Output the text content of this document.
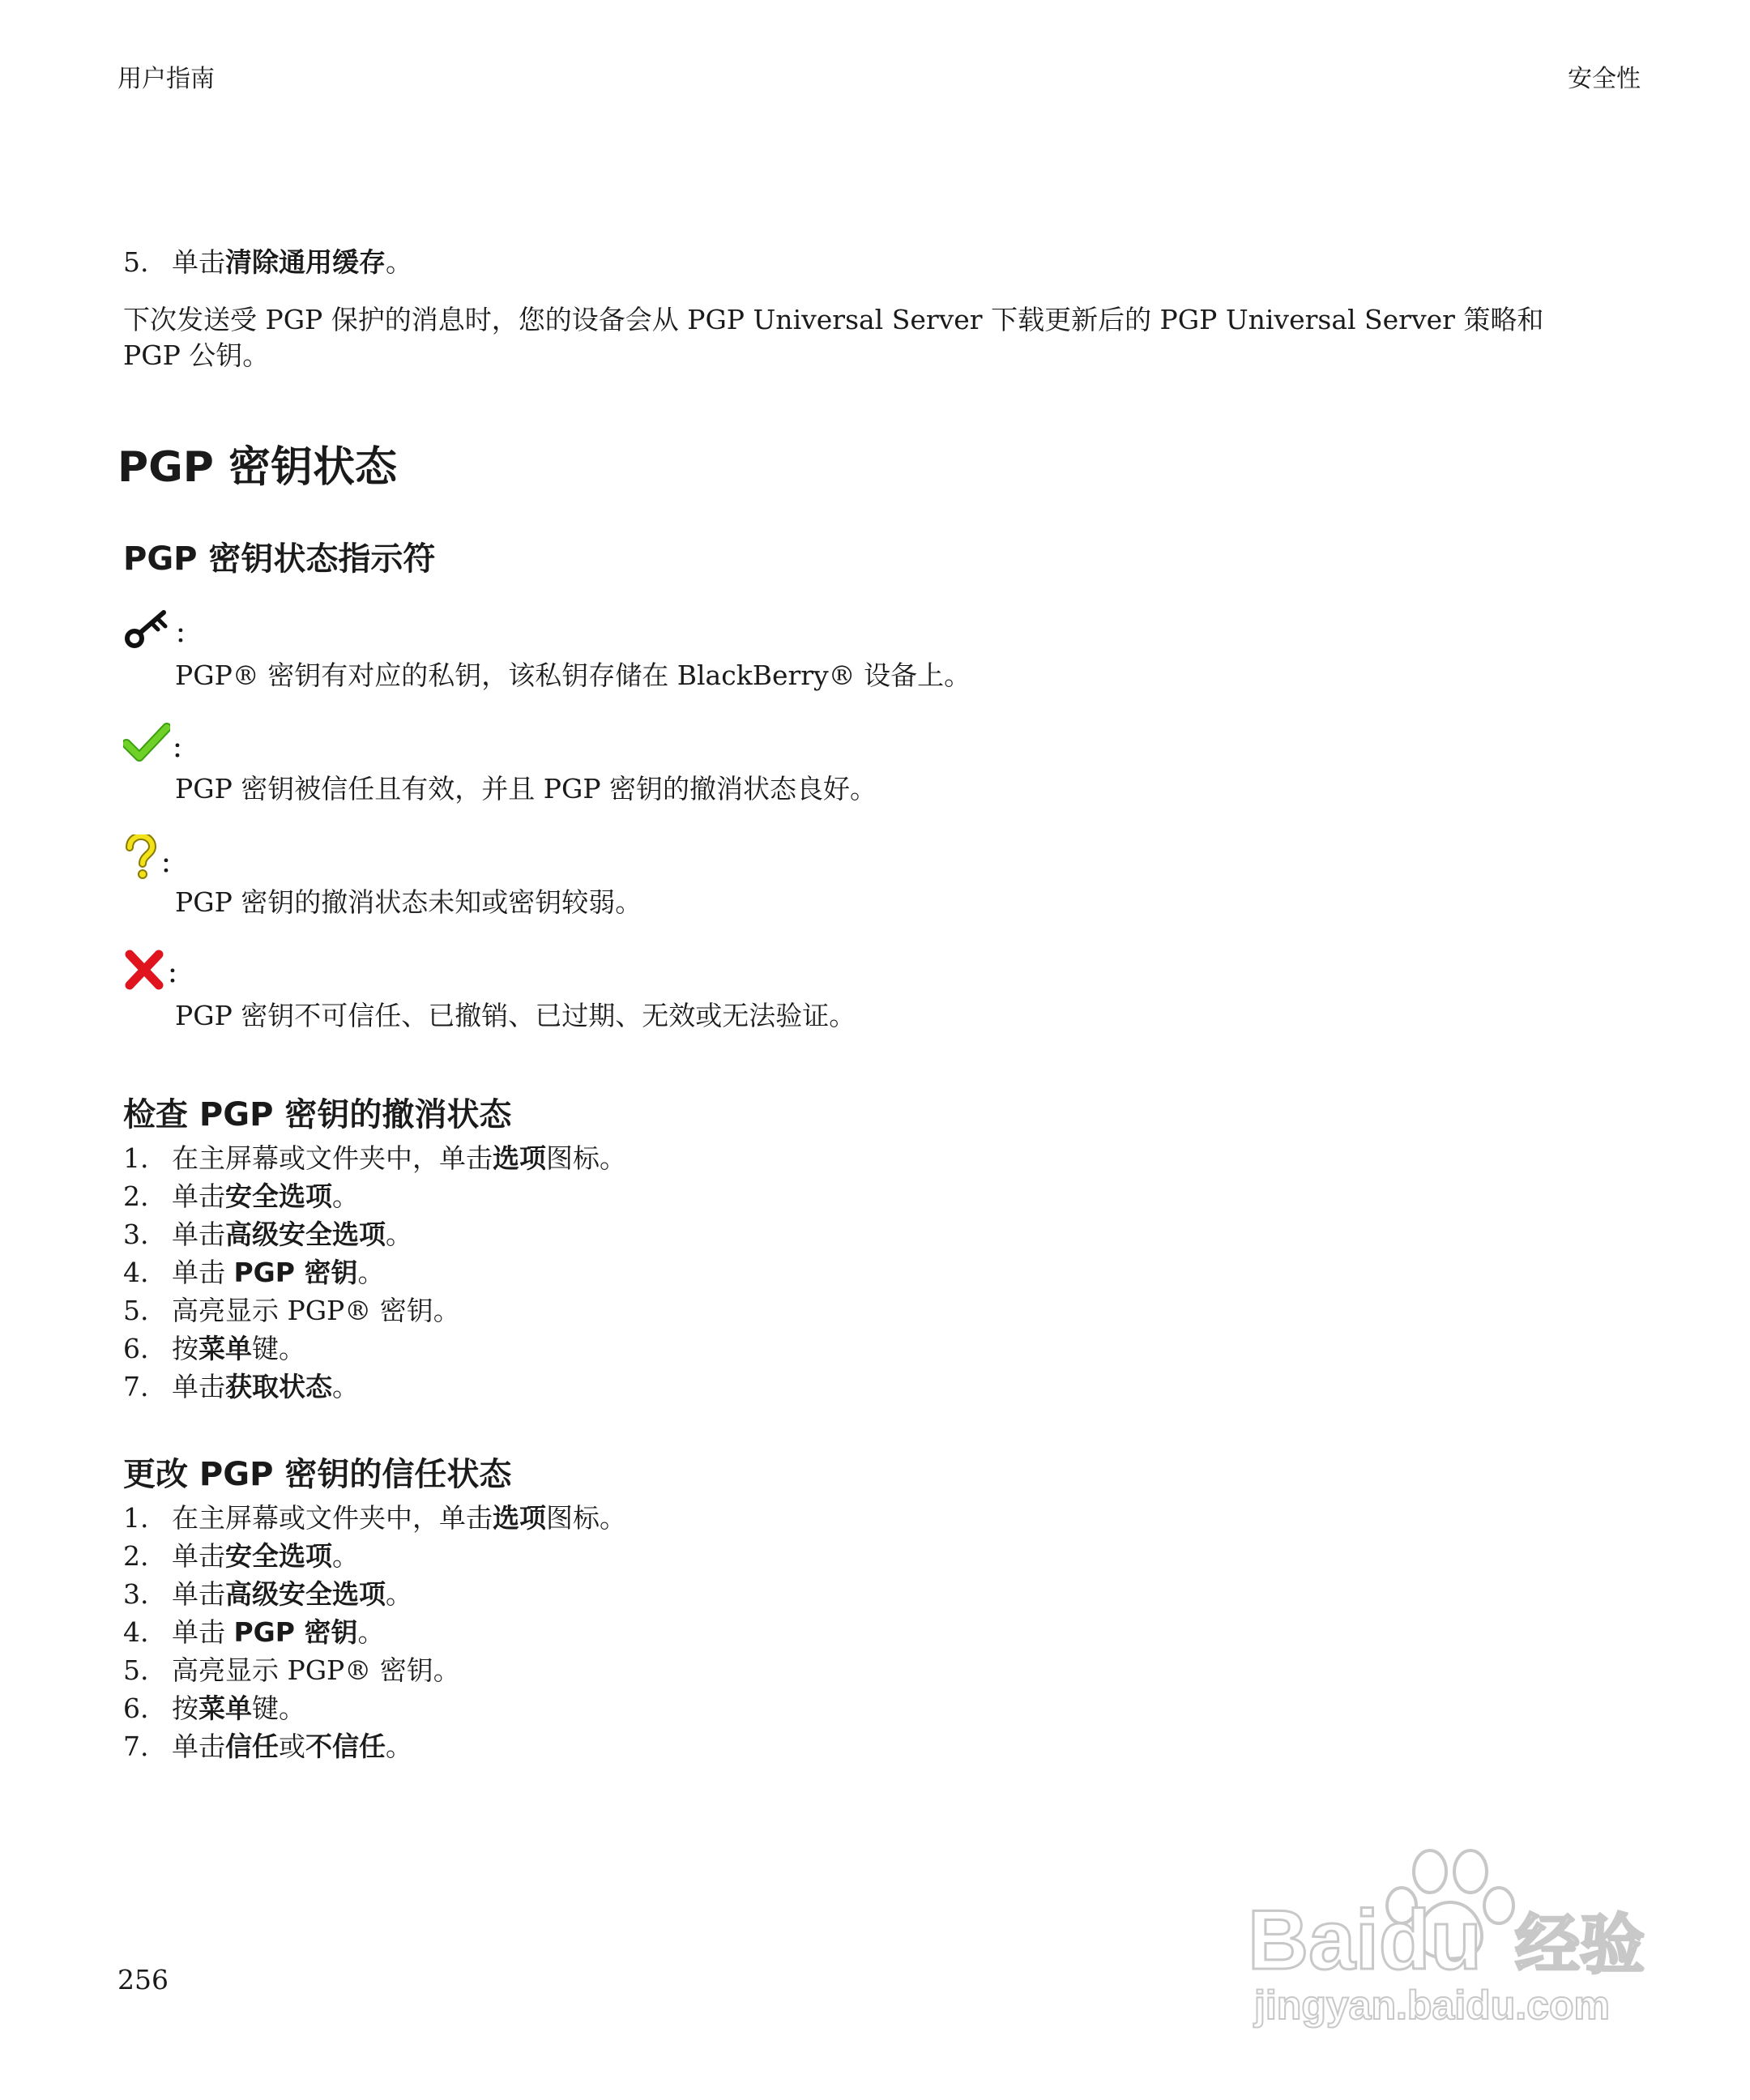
用户指南	安全性
5. 单击清除通用缓存。
下次发送受 PGP 保护的消息时，您的设备会从 PGP Universal Server 下载更新后的 PGP Universal Server 策略和
PGP 公钥。
PGP 密钥状态
PGP 密钥状态指示符
：
PGP® 密钥有对应的私钥，该私钥存储在 BlackBerry® 设备上。
：
PGP 密钥被信任且有效，并且 PGP 密钥的撤消状态良好。
：
PGP 密钥的撤消状态未知或密钥较弱。
：
PGP 密钥不可信任、已撤销、已过期、无效或无法验证。
检查 PGP 密钥的撤消状态
1. 在主屏幕或文件夹中，单击选项图标。
2. 单击安全选项。
3. 单击高级安全选项。
4. 单击 PGP 密钥。
5. 高亮显示 PGP® 密钥。
6. 按菜单键。
7. 单击获取状态。
更改 PGP 密钥的信任状态
1. 在主屏幕或文件夹中，单击选项图标。
2. 单击安全选项。
3. 单击高级安全选项。
4. 单击 PGP 密钥。
5. 高亮显示 PGP® 密钥。
6. 按菜单键。
7. 单击信任或不信任。
256	Baidu 经验
jingyan.baidu.com
